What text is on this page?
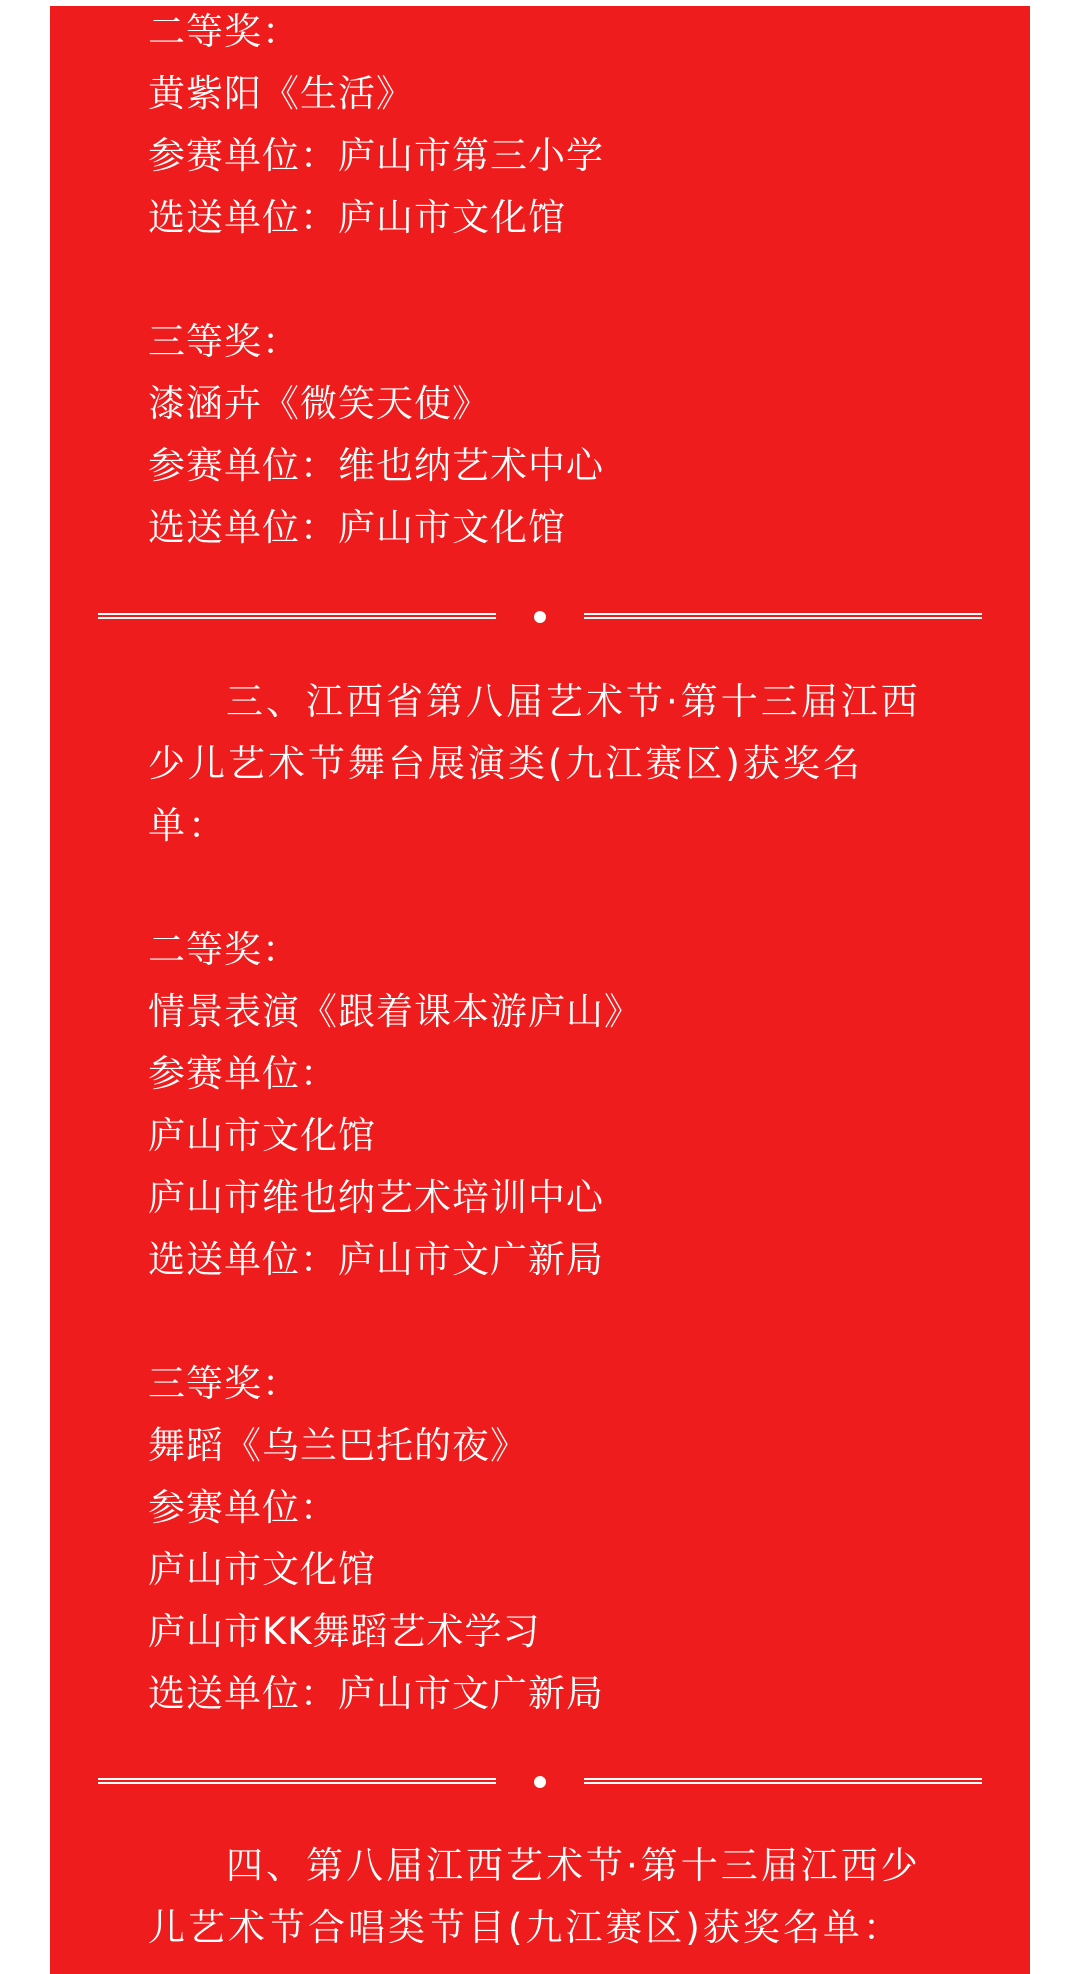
二等奖：
黄紫阳《生活》
参赛单位：庐山市第三小学
选送单位：庐山市文化馆
三等奖：
漆涵卉《微笑天使》
参赛单位：维也纳艺术中心
选送单位：庐山市文化馆
三、江西省第八届艺术节·第十三届江西
少儿艺术节舞台展演类(九江赛区)获奖名
单：
二等奖：
情景表演《跟着课本游庐山》
参赛单位：
庐山市文化馆
庐山市维也纳艺术培训中心
选送单位：庐山市文广新局
三等奖：
舞蹈《乌兰巴托的夜》
参赛单位：
庐山市文化馆
庐山市KK舞蹈艺术学习
选送单位：庐山市文广新局
四、第八届江西艺术节·第十三届江西少
儿艺术节合唱类节目(九江赛区)获奖名单：
